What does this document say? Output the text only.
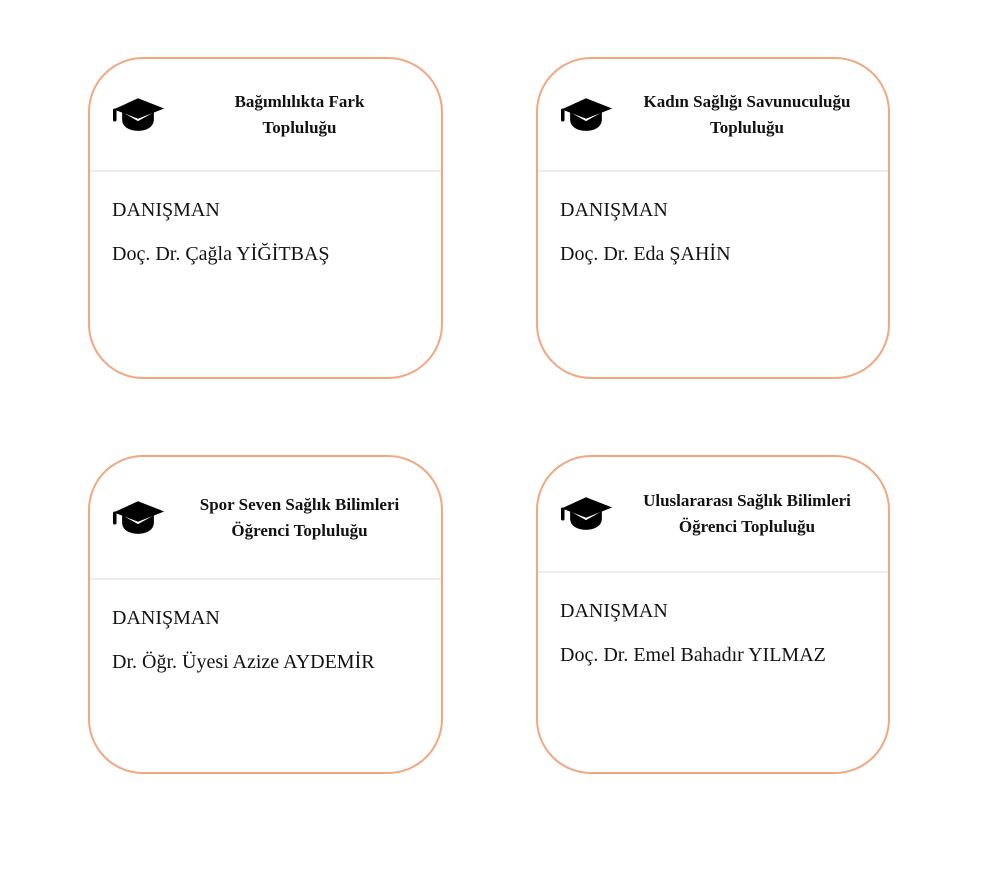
Bağımlılıkta Fark
Topluluğu

DANIŞMAN

Doç. Dr. Çağla YİĞİTBAŞ

Kadın Sağlığı Savunuculuğu
Topluluğu

DANIŞMAN

Doç. Dr. Eda ŞAHİN

Spor Seven Sağlık Bilimleri
Öğrenci Topluluğu

DANIŞMAN

Dr. Öğr. Üyesi Azize AYDEMİR

Uluslararası Sağlık Bilimleri
Öğrenci Topluluğu

DANIŞMAN

Doç. Dr. Emel Bahadır YILMAZ
